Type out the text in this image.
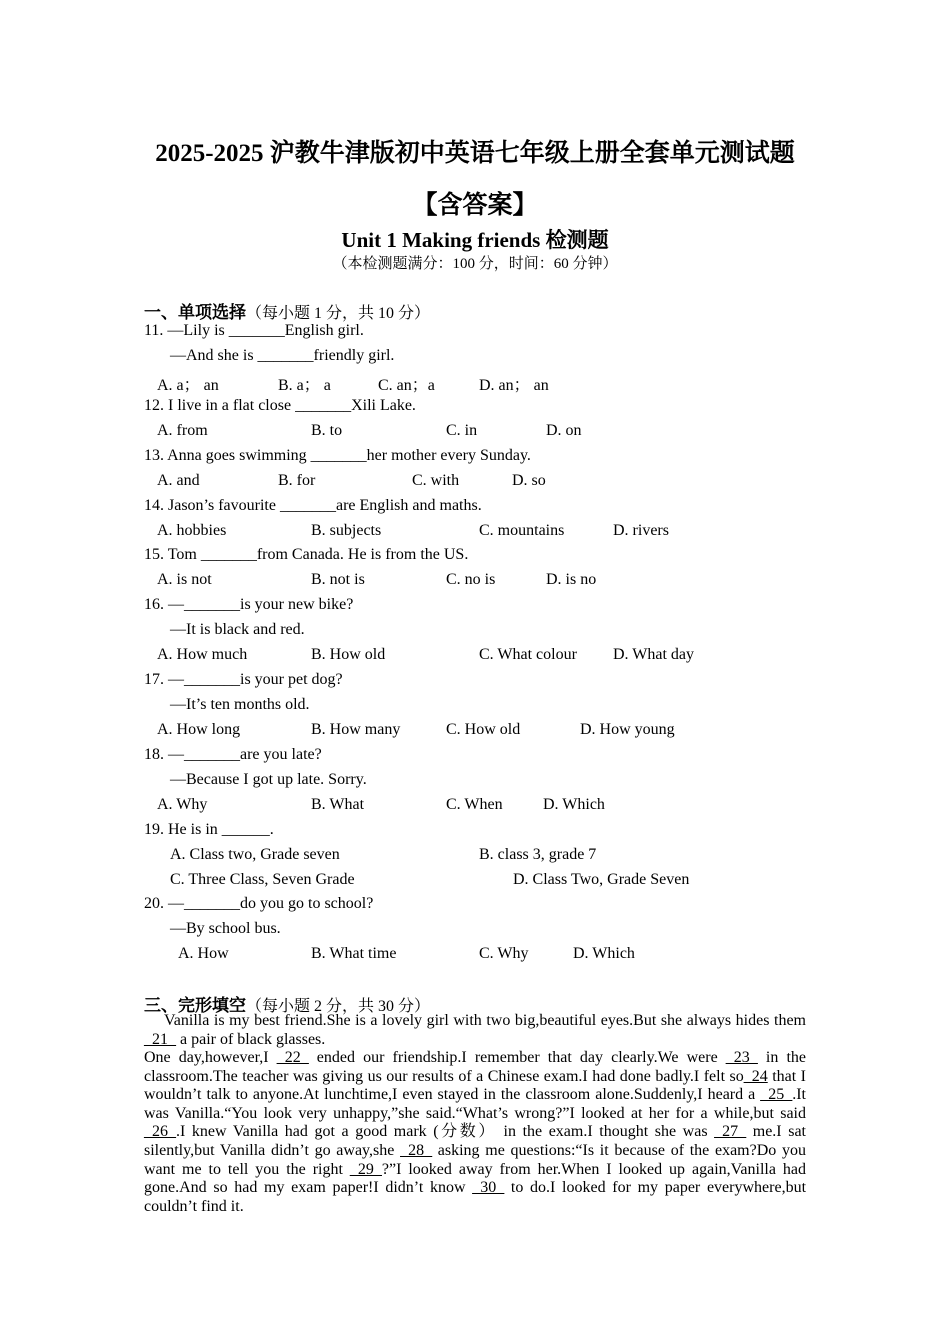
2025-2025 沪教牛津版初中英语七年级上册全套单元测试题
【含答案】
Unit 1 Making friends 检测题
（本检测题满分：100 分，时间：60 分钟）
一、单项选择（每小题 1 分，共 10 分）
11. —Lily is _______English girl.
—And she is _______friendly girl.
A. a； an	B. a； a	C. an；a	D. an； an
12. I live in a flat close _______Xili Lake.
A. from	B. to	C. in	D. on
13. Anna goes swimming _______her mother every Sunday.
A. and	B. for	C. with	D. so
14. Jason’s favourite _______are English and maths.
A. hobbies	B. subjects	C. mountains	D. rivers
15. Tom _______from Canada. He is from the US.
A. is not	B. not is	C. no is	D. is no
16. —_______is your new bike?
—It is black and red.
A. How much	B. How old	C. What colour D. What day
17. —_______is your pet dog?
—It’s ten months old.
A. How long	B. How many	C. How old	D. How young
18. —_______are you late?
—Because I got up late. Sorry.
A. Why	B. What	C. When	D. Which
19. He is in ______.
A. Class two, Grade seven	B. class 3, grade 7
C. Three Class, Seven Grade	D. Class Two, Grade Seven
20. —_______do you go to school?
—By school bus.
A. How	B. What time	C. Why	D. Which
三、完形填空（每小题 2 分，共 30 分）
Vanilla is my best friend.She is a lovely girl with two big,beautiful eyes.But she always hides them _21_ a pair of black glasses.
One day,however,I _22_ ended our friendship.I remember that day clearly.We were _23_ in the classroom.The teacher was giving us our results of a Chinese exam.I had done badly.I felt so_24 that I wouldn’t talk to anyone.At lunchtime,I even stayed in the classroom alone.Suddenly,I heard a _25_.It was Vanilla.“You look very unhappy,”she said.“What’s wrong?”I looked at her for a while,but said _26_.I knew Vanilla had got a good mark (分数） in the exam.I thought she was _27_ me.I sat silently,but Vanilla didn’t go away,she _28_ asking me questions:“Is it because of the exam?Do you want me to tell you the right _29_?”I looked away from her.When I looked up again,Vanilla had gone.And so had my exam paper!I didn’t know _30_ to do.I looked for my paper everywhere,but couldn’t find it.
